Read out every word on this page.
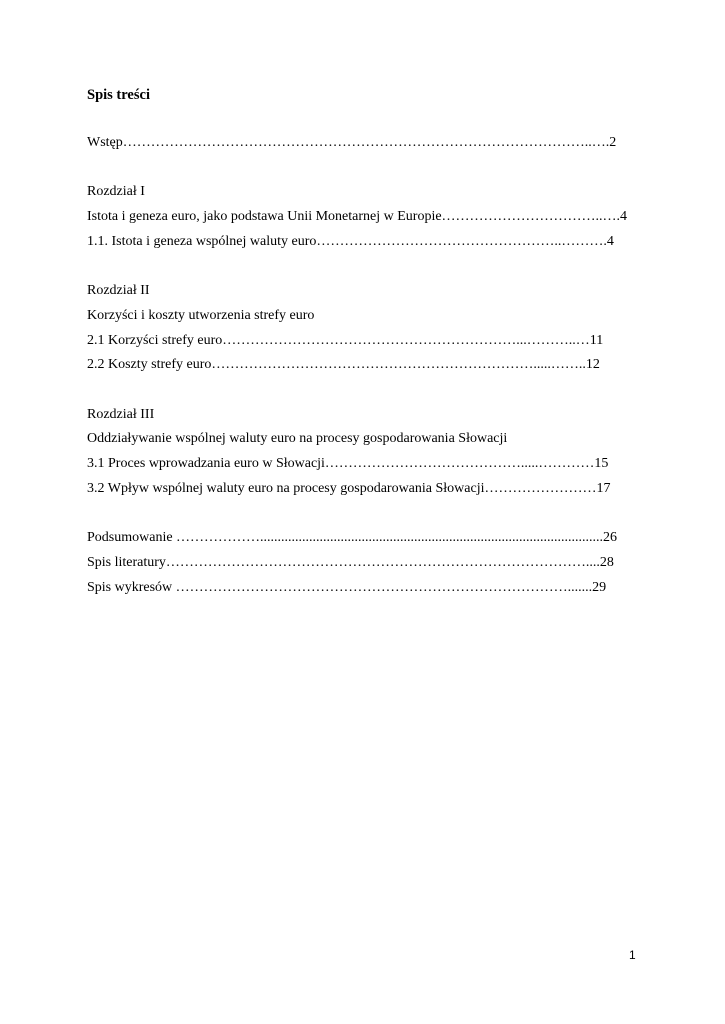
Spis treści
Wstęp………………………………………………………………………………………..….2
Rozdział I
Istota i geneza euro, jako podstawa Unii Monetarnej w Europie……………………………..….4
1.1. Istota i geneza wspólnej waluty euro……………………………………………..……….4
Rozdział II
Korzyści i koszty utworzenia strefy euro
2.1 Korzyści strefy euro………………………………………………………...………..…11
2.2 Koszty strefy euro…………………………………………………………….....……..12
Rozdział III
Oddziaływanie wspólnej waluty euro na procesy gospodarowania Słowacji
3.1 Proces wprowadzania euro w Słowacji…………………………………….....…………15
3.2 Wpływ wspólnej waluty euro na procesy gospodarowania Słowacji……………………17
Podsumowanie ………………..................................................................................................26
Spis literatury………………………………………………………………………………....28
Spis wykresów ………………………………………………………………………….......29
1
